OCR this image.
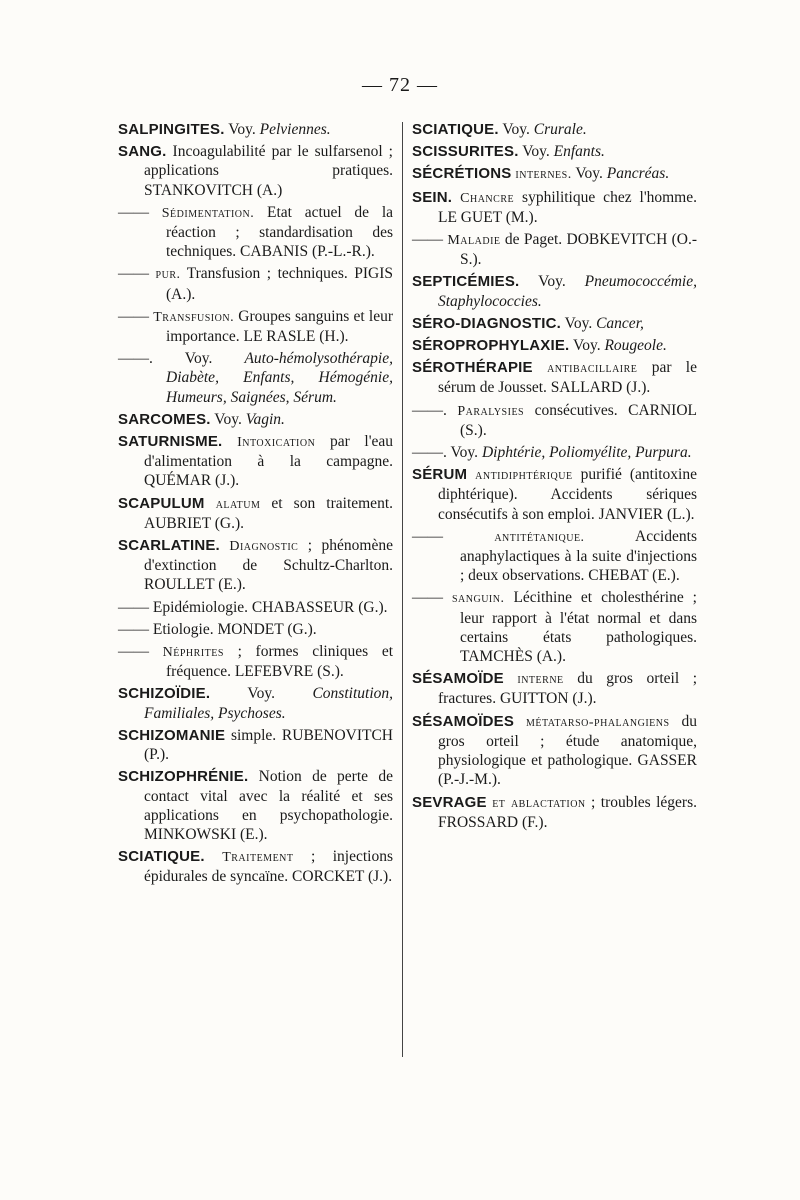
— 72 —
SALPINGITES. Voy. Pelviennes.
SANG. Incoagulabilité par le sulfarsenol ; applications pratiques. STANKOVITCH (A.)
—— Sédimentation. Etat actuel de la réaction ; standardisation des techniques. CABANIS (P.-L.-R.).
—— pur. Transfusion ; techniques. PIGIS (A.).
—— Transfusion. Groupes sanguins et leur importance. LE RASLE (H.).
——. Voy. Auto-hémolysothérapie, Diabète, Enfants, Hémogénie, Humeurs, Saignées, Sérum.
SARCOMES. Voy. Vagin.
SATURNISME. Intoxication par l'eau d'alimentation à la campagne. QUÉMAR (J.).
SCAPULUM alatum et son traitement. AUBRIET (G.).
SCARLATINE. Diagnostic ; phénomène d'extinction de Schultz-Charlton. ROULLET (E.).
—— Epidémiologie. CHABASSEUR (G.).
—— Etiologie. MONDET (G.).
—— Néphrites ; formes cliniques et fréquence. LEFEBVRE (S.).
SCHIZOÏDIE. Voy. Constitution, Familiales, Psychoses.
SCHIZOMANIE simple. RUBENOVITCH (P.).
SCHIZOPHRÉNIE. Notion de perte de contact vital avec la réalité et ses applications en psychopathologie. MINKOWSKI (E.).
SCIATIQUE. Traitement ; injections épidurales de syncaïne. CORCKET (J.).
SCIATIQUE. Voy. Crurale.
SCISSURITES. Voy. Enfants.
SÉCRÉTIONS internes. Voy. Pancréas.
SEIN. Chancre syphilitique chez l'homme. LE GUET (M.).
—— Maladie de Paget. DOBKEVITCH (O.-S.).
SEPTICÉMIES. Voy. Pneumococcémie, Staphylococcies.
SÉRO-DIAGNOSTIC. Voy. Cancer,
SÉROPROPHYLAXIE. Voy. Rougeole.
SÉROTHÉRAPIE antibacillaire par le sérum de Jousset. SALLARD (J.).
——. Paralysies consécutives. CARNIOL (S.).
——. Voy. Diphtérie, Poliomyélite, Purpura.
SÉRUM antidiphtérique purifié (antitoxine diphtérique). Accidents sériques consécutifs à son emploi. JANVIER (L.).
——	antitétanique. Accidents anaphylactiques à la suite d'injections ; deux observations. CHEBAT (E.).
—— sanguin. Lécithine et cholesthérine ; leur rapport à l'état normal et dans certains états pathologiques. TAMCHÈS (A.).
SÉSAMOÏDE interne du gros orteil ; fractures. GUITTON (J.).
SÉSAMOÏDES métatarso-phalangiens du gros orteil ; étude anatomique, physiologique et pathologique. GASSER (P.-J.-M.).
SEVRAGE et ablactation ; troubles légers. FROSSARD (F.).
